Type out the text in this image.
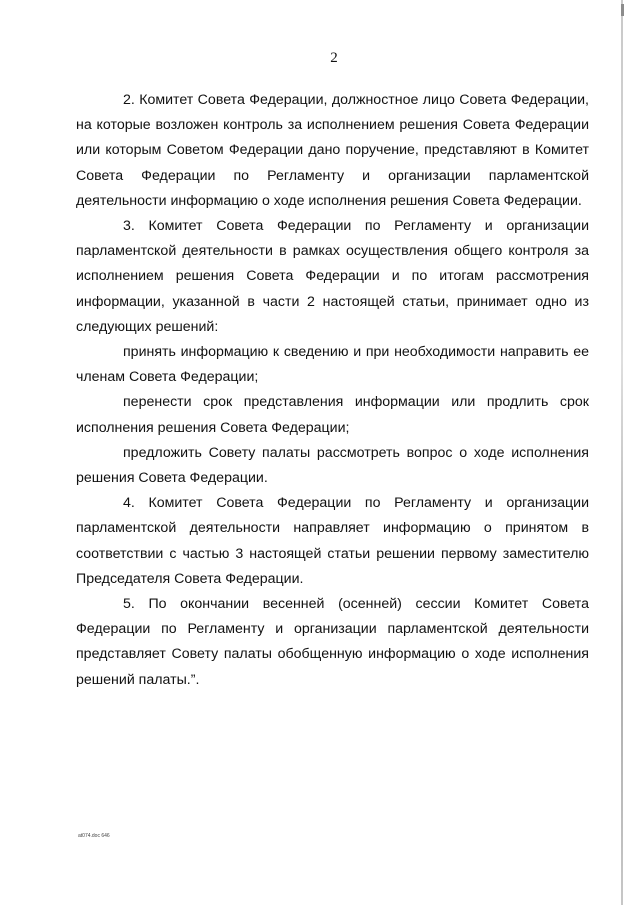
2

2. Комитет Совета Федерации, должностное лицо Совета Федерации, на которые возложен контроль за исполнением решения Совета Федерации или которым Советом Федерации дано поручение, представляют в Комитет Совета Федерации по Регламенту и организации парламентской деятельности информацию о ходе исполнения решения Совета Федерации.

3. Комитет Совета Федерации по Регламенту и организации парламентской деятельности в рамках осуществления общего контроля за исполнением решения Совета Федерации и по итогам рассмотрения информации, указанной в части 2 настоящей статьи, принимает одно из следующих решений:

принять информацию к сведению и при необходимости направить ее членам Совета Федерации;

перенести срок представления информации или продлить срок исполнения решения Совета Федерации;

предложить Совету палаты рассмотреть вопрос о ходе исполнения решения Совета Федерации.

4. Комитет Совета Федерации по Регламенту и организации парламентской деятельности направляет информацию о принятом в соответствии с частью 3 настоящей статьи решении первому заместителю Председателя Совета Федерации.

5. По окончании весенней (осенней) сессии Комитет Совета Федерации по Регламенту и организации парламентской деятельности представляет Совету палаты обобщенную информацию о ходе исполнения решений палаты.”.

at074.doc 646
